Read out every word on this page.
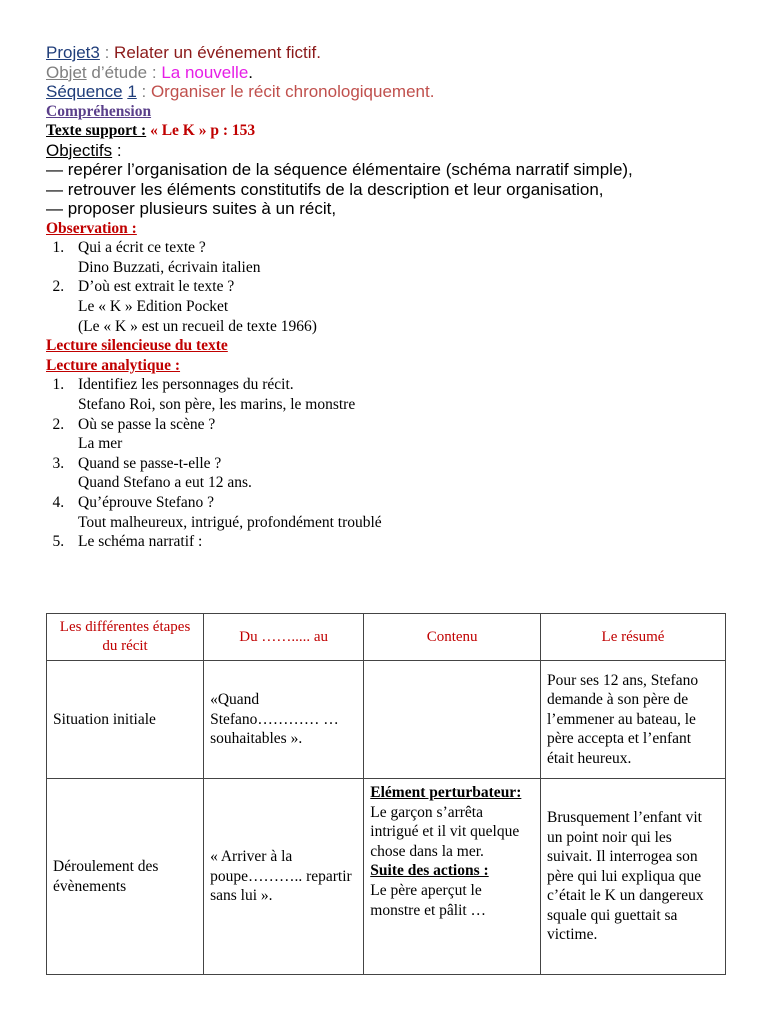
Projet3 : Relater un événement fictif.
Objet d’étude : La nouvelle.
Séquence 1 : Organiser le récit chronologiquement.
Compréhension
Texte support : « Le K » p : 153
Objectifs :
— repérer l’organisation de la séquence élémentaire (schéma narratif simple),
— retrouver les éléments constitutifs de la description et leur organisation,
— proposer plusieurs suites à un récit,
Observation :
1. Qui a écrit ce texte ?
Dino Buzzati, écrivain italien
2. D’où est extrait le texte ?
Le « K » Edition Pocket
(Le « K » est un recueil de texte 1966)
Lecture silencieuse du texte
Lecture analytique :
1. Identifiez les personnages du récit.
Stefano Roi, son père, les marins, le monstre
2. Où se passe la scène ?
La mer
3. Quand se passe-t-elle ?
Quand Stefano a eut 12 ans.
4. Qu’éprouve Stefano ?
Tout malheureux, intrigué, profondément troublé
5. Le schéma narratif :
Les différentes étapes du récit	Du ……..... au	Contenu	Le résumé
Situation initiale	«Quand Stefano………… … souhaitables ».		Pour ses 12 ans, Stefano demande à son père de l’emmener au bateau, le père accepta et l’enfant était heureux.
Déroulement des évènements	« Arriver à la poupe……….. repartir sans lui ».	Elément perturbateur: Le garçon s’arrêta intrigué et il vit quelque chose dans la mer.
Suite des actions :
Le père aperçut le monstre et pâlit …	Brusquement l’enfant vit un point noir qui les suivait. Il interrogea son père qui lui expliqua que c’était le K un dangereux squale qui guettait sa victime.
